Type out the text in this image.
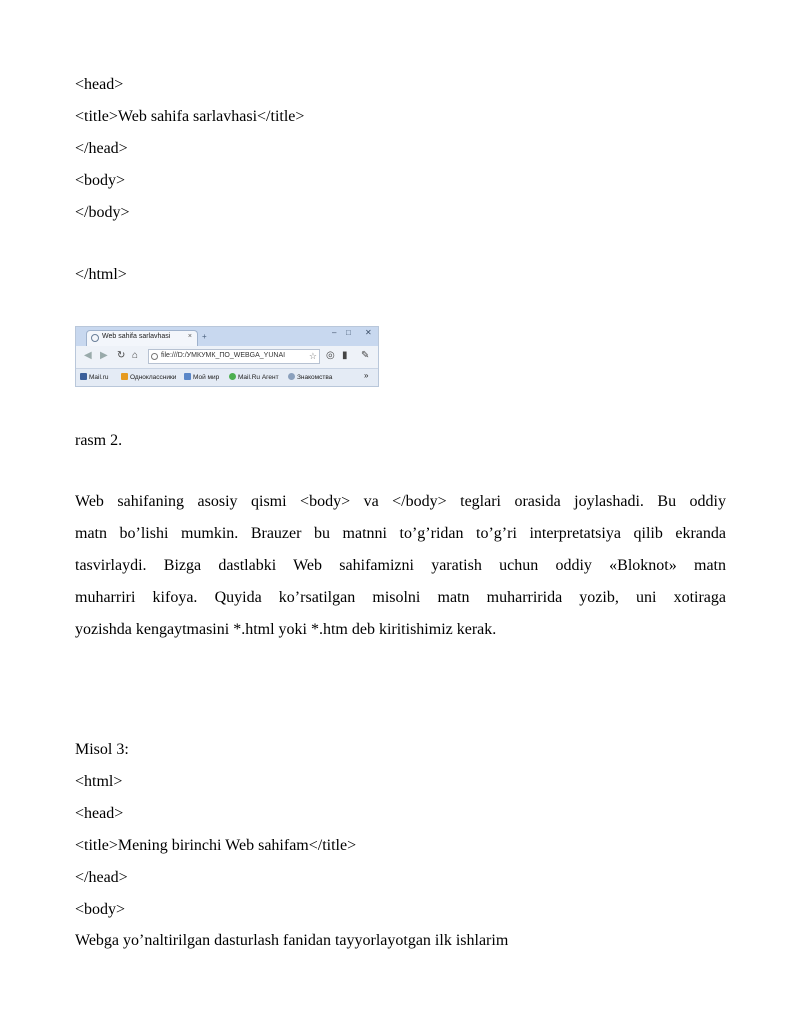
<head>
<title>Web sahifa sarlavhasi</title>
</head>
<body>
</body>
</html>
Web sahifa sarlavhasi	× +	– □ ✕
◀ ▶ ↻ ⌂	file:///D:/УМКУМК_ПО_WEBGA_YUNAI	☆ ◎ ▮ ✎
Mail.ru	Одноклассники	Мой мир	Mail.Ru Агент	Знакомства	»
rasm 2.
Web sahifaning asosiy qismi <body> va </body> teglari orasida joylashadi. Bu oddiy
matn bo’lishi mumkin. Brauzer bu matnni to’g’ridan to’g’ri interpretatsiya qilib ekranda
tasvirlaydi. Bizga dastlabki Web sahifamizni yaratish uchun oddiy «Bloknot» matn
muharriri kifoya. Quyida ko’rsatilgan misolni matn muharririda yozib, uni xotiraga
yozishda kengaytmasini *.html yoki *.htm deb kiritishimiz kerak.
Misol 3:
<html>
<head>
<title>Mening birinchi Web sahifam</title>
</head>
<body>
Webga yo’naltirilgan dasturlash fanidan tayyorlayotgan ilk ishlarim
